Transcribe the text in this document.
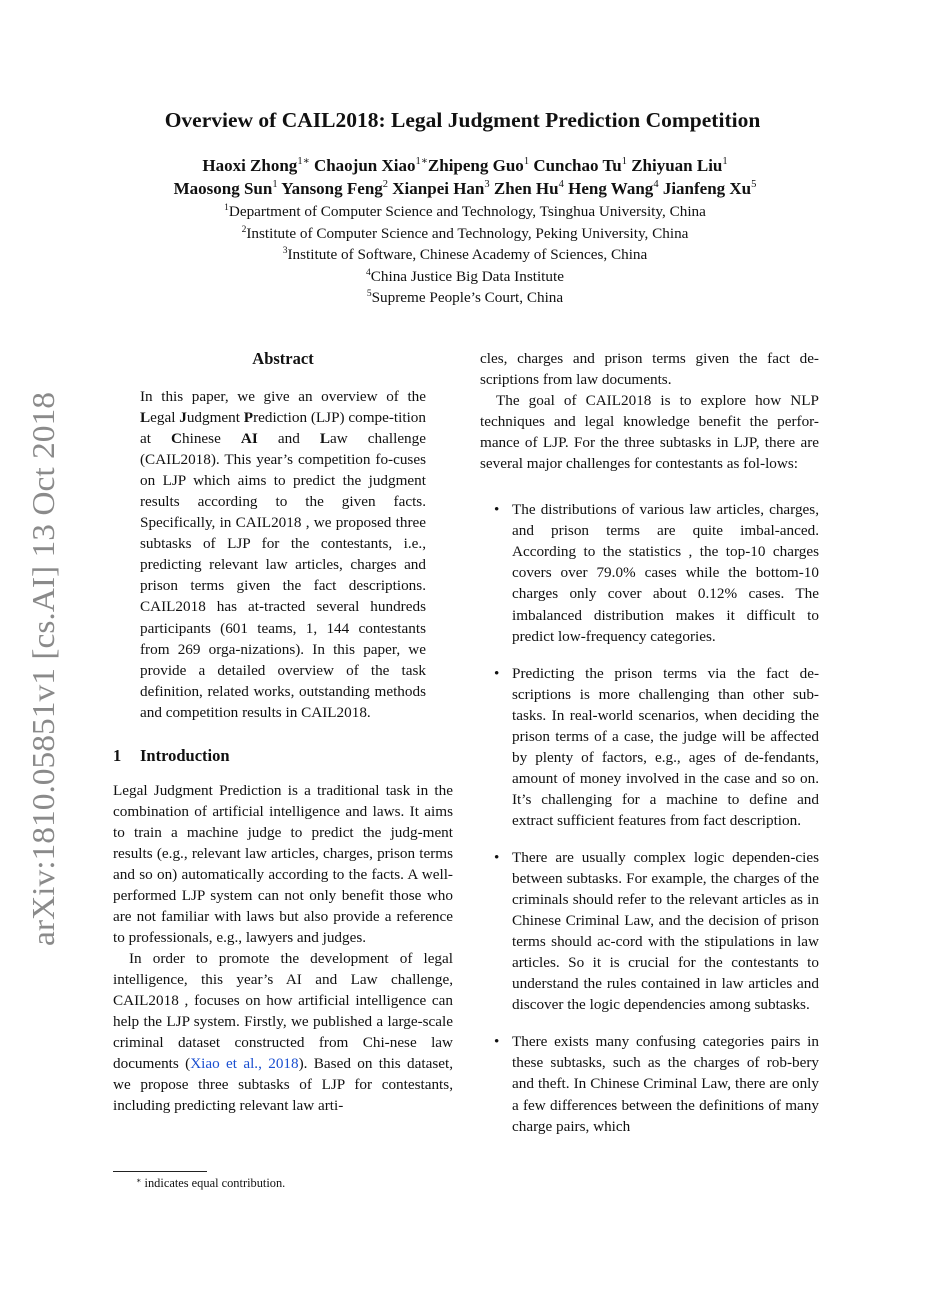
arXiv:1810.05851v1 [cs.AI] 13 Oct 2018
Overview of CAIL2018: Legal Judgment Prediction Competition
Haoxi Zhong$^{1∗}$ Chaojun Xiao$^{1∗}$Zhipeng Guo$^1$ Cunchao Tu$^1$ Zhiyuan Liu$^1$
Maosong Sun$^1$ Yansong Feng$^2$ Xianpei Han$^3$ Zhen Hu$^4$ Heng Wang$^4$ Jianfeng Xu$^5$
$^1$Department of Computer Science and Technology, Tsinghua University, China
$^2$Institute of Computer Science and Technology, Peking University, China
$^3$Institute of Software, Chinese Academy of Sciences, China
$^4$China Justice Big Data Institute
$^5$Supreme People’s Court, China
Abstract

In this paper, we give an overview of the Legal Judgment Prediction (LJP) compe-tition at Chinese AI and Law challenge (CAIL2018). This year’s competition fo-cuses on LJP which aims to predict the judgment results according to the given facts. Specifically, in CAIL2018 , we proposed three subtasks of LJP for the contestants, i.e., predicting relevant law articles, charges and prison terms given the fact descriptions. CAIL2018 has at-tracted several hundreds participants (601 teams, 1, 144 contestants from 269 orga-nizations). In this paper, we provide a detailed overview of the task definition, related works, outstanding methods and competition results in CAIL2018.

1 Introduction

Legal Judgment Prediction is a traditional task in the combination of artificial intelligence and laws. It aims to train a machine judge to predict the judg-ment results (e.g., relevant law articles, charges, prison terms and so on) automatically according to the facts. A well-performed LJP system can not only benefit those who are not familiar with laws but also provide a reference to professionals, e.g., lawyers and judges.

In order to promote the development of legal intelligence, this year’s AI and Law challenge, CAIL2018 , focuses on how artificial intelligence can help the LJP system. Firstly, we published a large-scale criminal dataset constructed from Chi-nese law documents (Xiao et al., 2018). Based on this dataset, we propose three subtasks of LJP for contestants, including predicting relevant law arti-

cles, charges and prison terms given the fact de-scriptions from law documents.

The goal of CAIL2018 is to explore how NLP techniques and legal knowledge benefit the perfor-mance of LJP. For the three subtasks in LJP, there are several major challenges for contestants as fol-lows:

• The distributions of various law articles, charges, and prison terms are quite imbal-anced. According to the statistics , the top-10 charges covers over 79.0% cases while the bottom-10 charges only cover about 0.12% cases. The imbalanced distribution makes it difficult to predict low-frequency categories.
• Predicting the prison terms via the fact de-scriptions is more challenging than other sub-tasks. In real-world scenarios, when deciding the prison terms of a case, the judge will be affected by plenty of factors, e.g., ages of de-fendants, amount of money involved in the case and so on. It’s challenging for a machine to define and extract sufficient features from fact description.
• There are usually complex logic dependen-cies between subtasks. For example, the charges of the criminals should refer to the relevant articles as in Chinese Criminal Law, and the decision of prison terms should ac-cord with the stipulations in law articles. So it is crucial for the contestants to understand the rules contained in law articles and discover the logic dependencies among subtasks.
• There exists many confusing categories pairs in these subtasks, such as the charges of rob-bery and theft. In Chinese Criminal Law, there are only a few differences between the definitions of many charge pairs, which
∗ indicates equal contribution.
